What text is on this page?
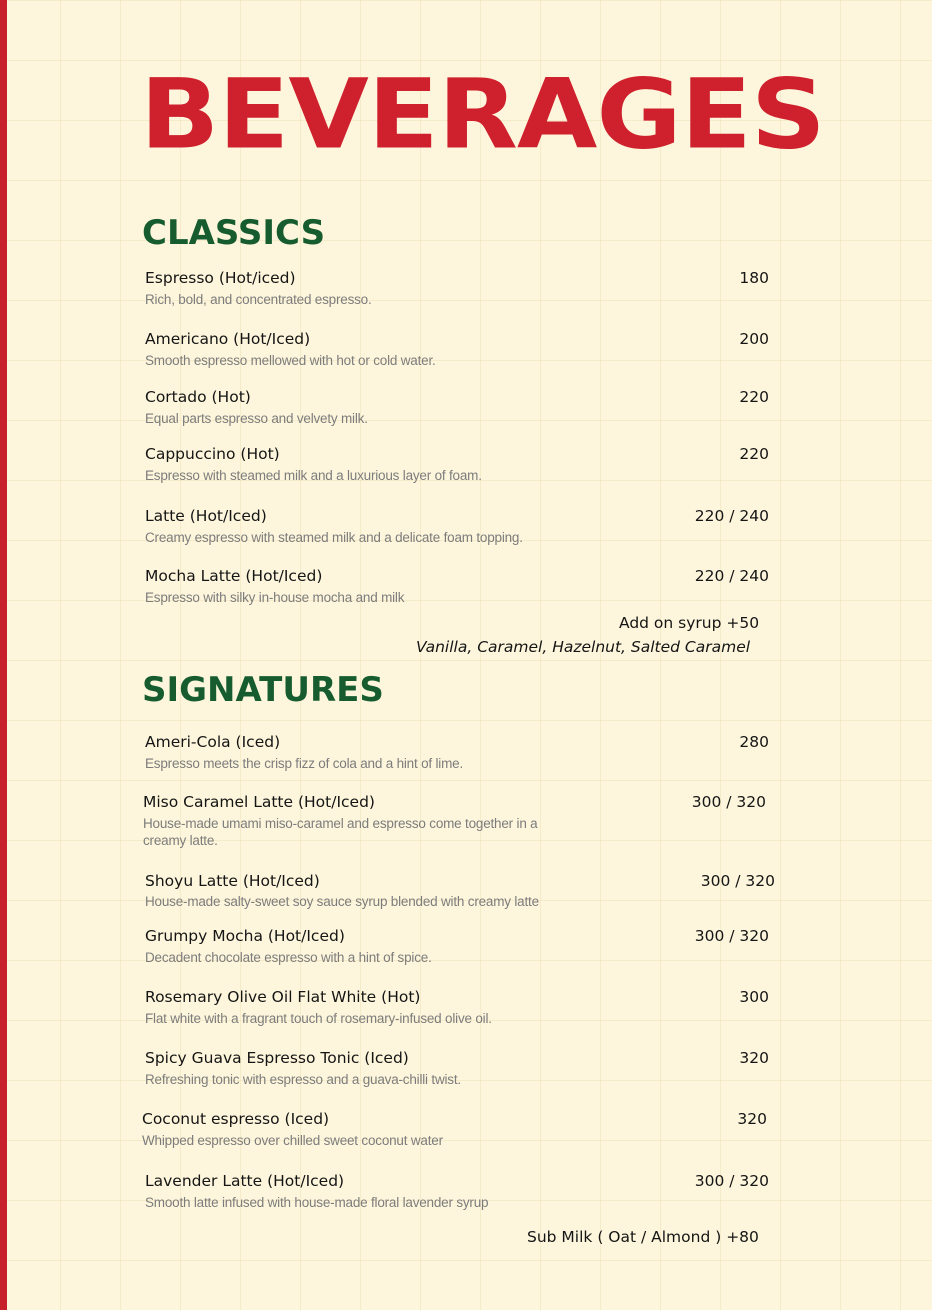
BEVERAGES
CLASSICS
Espresso (Hot/iced)	180
Rich, bold, and concentrated espresso.
Americano (Hot/Iced)	200
Smooth espresso mellowed with hot or cold water.
Cortado (Hot)	220
Equal parts espresso and velvety milk.
Cappuccino (Hot)	220
Espresso with steamed milk and a luxurious layer of foam.
Latte (Hot/Iced)	220 / 240
Creamy espresso with steamed milk and a delicate foam topping.
Mocha Latte (Hot/Iced)	220 / 240
Espresso with silky in-house mocha and milk
Add on syrup +50
Vanilla, Caramel, Hazelnut, Salted Caramel
SIGNATURES
Ameri-Cola (Iced)	280
Espresso meets the crisp fizz of cola and a hint of lime.
Miso Caramel Latte (Hot/Iced)	300 / 320
House-made umami miso-caramel and espresso come together in a creamy latte.
Shoyu Latte (Hot/Iced)	300 / 320
House-made salty-sweet soy sauce syrup blended with creamy latte
Grumpy Mocha (Hot/Iced)	300 / 320
Decadent chocolate espresso with a hint of spice.
Rosemary Olive Oil Flat White (Hot)	300
Flat white with a fragrant touch of rosemary-infused olive oil.
Spicy Guava Espresso Tonic (Iced)	320
Refreshing tonic with espresso and a guava-chilli twist.
Coconut espresso (Iced)	320
Whipped espresso over chilled sweet coconut water
Lavender Latte (Hot/Iced)	300 / 320
Smooth latte infused with house-made floral lavender syrup
Sub Milk ( Oat / Almond ) +80
